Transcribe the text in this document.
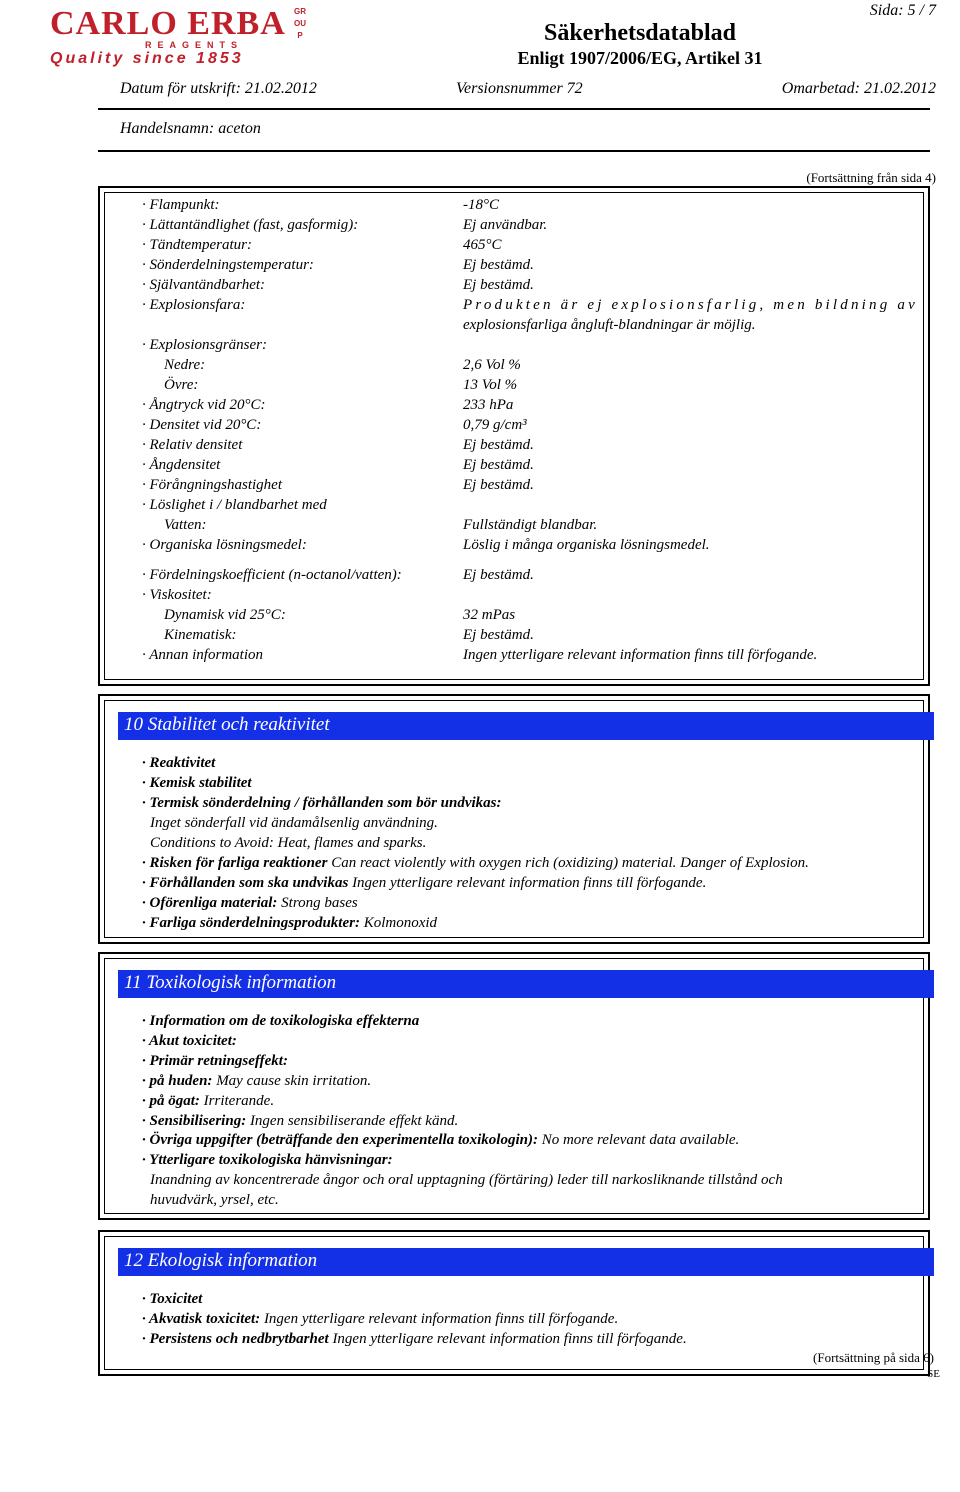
CARLO ERBA
REAGENTS
Quality since 1853
GROUP	Säkerhetsdatablad
Enligt 1907/2006/EG, Artikel 31
Sida: 5 / 7
Datum för utskrift: 21.02.2012	Versionsnummer 72	Omarbetad: 21.02.2012
Handelsnamn: aceton
(Fortsättning från sida 4)
· Flampunkt:	-18°C
· Lättantändlighet (fast, gasformig):	Ej användbar.
· Tändtemperatur:	465°C
· Sönderdelningstemperatur:	Ej bestämd.
· Självantändbarhet:	Ej bestämd.
· Explosionsfara:	Produkten är ej explosionsfarlig, men bildning av
explosionsfarliga ångluft-blandningar är möjlig.
· Explosionsgränser:
Nedre:	2,6 Vol %
Övre:	13 Vol %
· Ångtryck vid 20°C:	233 hPa
· Densitet vid 20°C:	0,79 g/cm³
· Relativ densitet	Ej bestämd.
· Ångdensitet	Ej bestämd.
· Förångningshastighet	Ej bestämd.
· Löslighet i / blandbarhet med
Vatten:	Fullständigt blandbar.
· Organiska lösningsmedel:	Löslig i många organiska lösningsmedel.
· Fördelningskoefficient (n-octanol/vatten):	Ej bestämd.
· Viskositet:
Dynamisk vid 25°C:	32 mPas
Kinematisk:	Ej bestämd.
· Annan information	Ingen ytterligare relevant information finns till förfogande.
10 Stabilitet och reaktivitet
· Reaktivitet
· Kemisk stabilitet
· Termisk sönderdelning / förhållanden som bör undvikas:
Inget sönderfall vid ändamålsenlig användning.
Conditions to Avoid: Heat, flames and sparks.
· Risken för farliga reaktioner Can react violently with oxygen rich (oxidizing) material. Danger of Explosion.
· Förhållanden som ska undvikas Ingen ytterligare relevant information finns till förfogande.
· Oförenliga material: Strong bases
· Farliga sönderdelningsprodukter: Kolmonoxid
11 Toxikologisk information
· Information om de toxikologiska effekterna
· Akut toxicitet:
· Primär retningseffekt:
· på huden: May cause skin irritation.
· på ögat: Irriterande.
· Sensibilisering: Ingen sensibiliserande effekt känd.
· Övriga uppgifter (beträffande den experimentella toxikologin): No more relevant data available.
· Ytterligare toxikologiska hänvisningar:
Inandning av koncentrerade ångor och oral upptagning (förtäring) leder till narkosliknande tillstånd och
huvudvärk, yrsel, etc.
12 Ekologisk information
· Toxicitet
· Akvatisk toxicitet: Ingen ytterligare relevant information finns till förfogande.
· Persistens och nedbrytbarhet Ingen ytterligare relevant information finns till förfogande.
(Fortsättning på sida 6)
SE
